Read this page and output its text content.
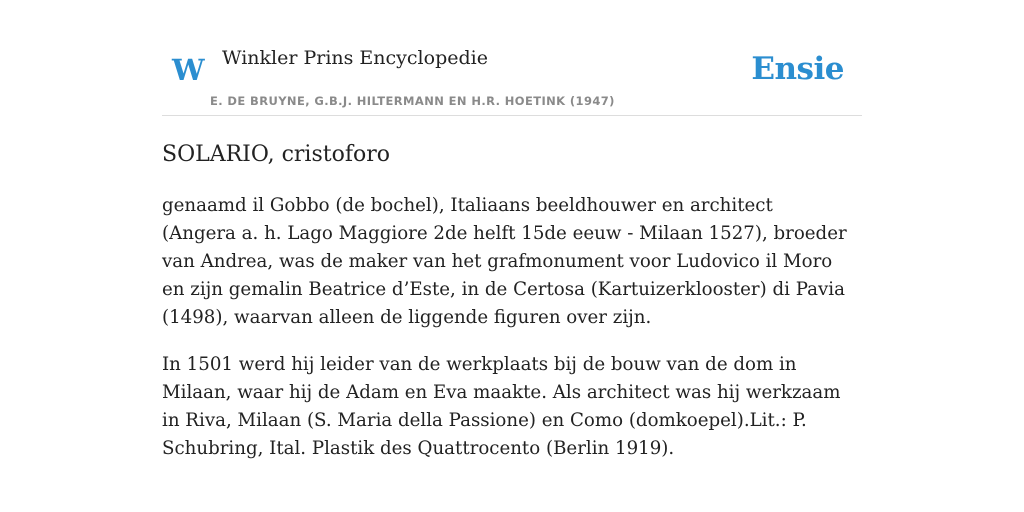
W Winkler Prins Encyclopedie
E. DE BRUYNE, G.B.J. HILTERMANN EN H.R. HOETINK (1947)
Ensie
SOLARIO, cristoforo

genaamd il Gobbo (de bochel), Italiaans beeldhouwer en architect (Angera a. h. Lago Maggiore 2de helft 15de eeuw - Milaan 1527), broeder van Andrea, was de maker van het grafmonument voor Ludovico il Moro en zijn gemalin Beatrice d’Este, in de Certosa (Kartuizerklooster) di Pavia (1498), waarvan alleen de liggende figuren over zijn.

In 1501 werd hij leider van de werkplaats bij de bouw van de dom in Milaan, waar hij de Adam en Eva maakte. Als architect was hij werkzaam in Riva, Milaan (S. Maria della Passione) en Como (domkoepel).Lit.: P. Schubring, Ital. Plastik des Quattrocento (Berlin 1919).
